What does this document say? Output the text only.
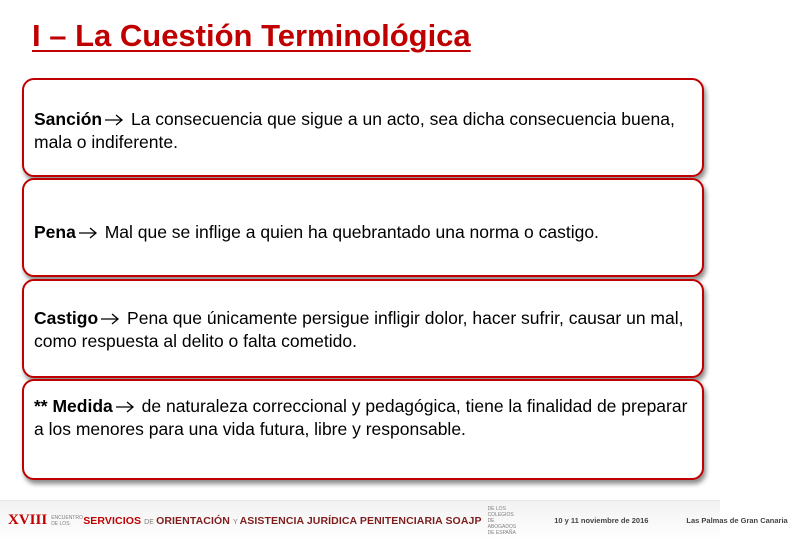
I – La Cuestión Terminológica
Sanción La consecuencia que sigue a un acto, sea dicha consecuencia buena, mala o indiferente.
Pena Mal que se inflige a quien ha quebrantado una norma o castigo.
Castigo Pena que únicamente persigue infligir dolor, hacer sufrir, causar un mal, como respuesta al delito o falta cometido.
** Medida de naturaleza correccional y pedagógica, tiene la finalidad de preparar a los menores para una vida futura, libre y responsable.
XVIII ENCUENTRO DE LOS	SERVICIOS DE ORIENTACIÓN Y ASISTENCIA JURÍDICA PENITENCIARIA SOAJP
DE LOS COLEGIOS DE ABOGADOS DE ESPAÑA
10 y 11 noviembre de 2016	Las Palmas de Gran Canaria
